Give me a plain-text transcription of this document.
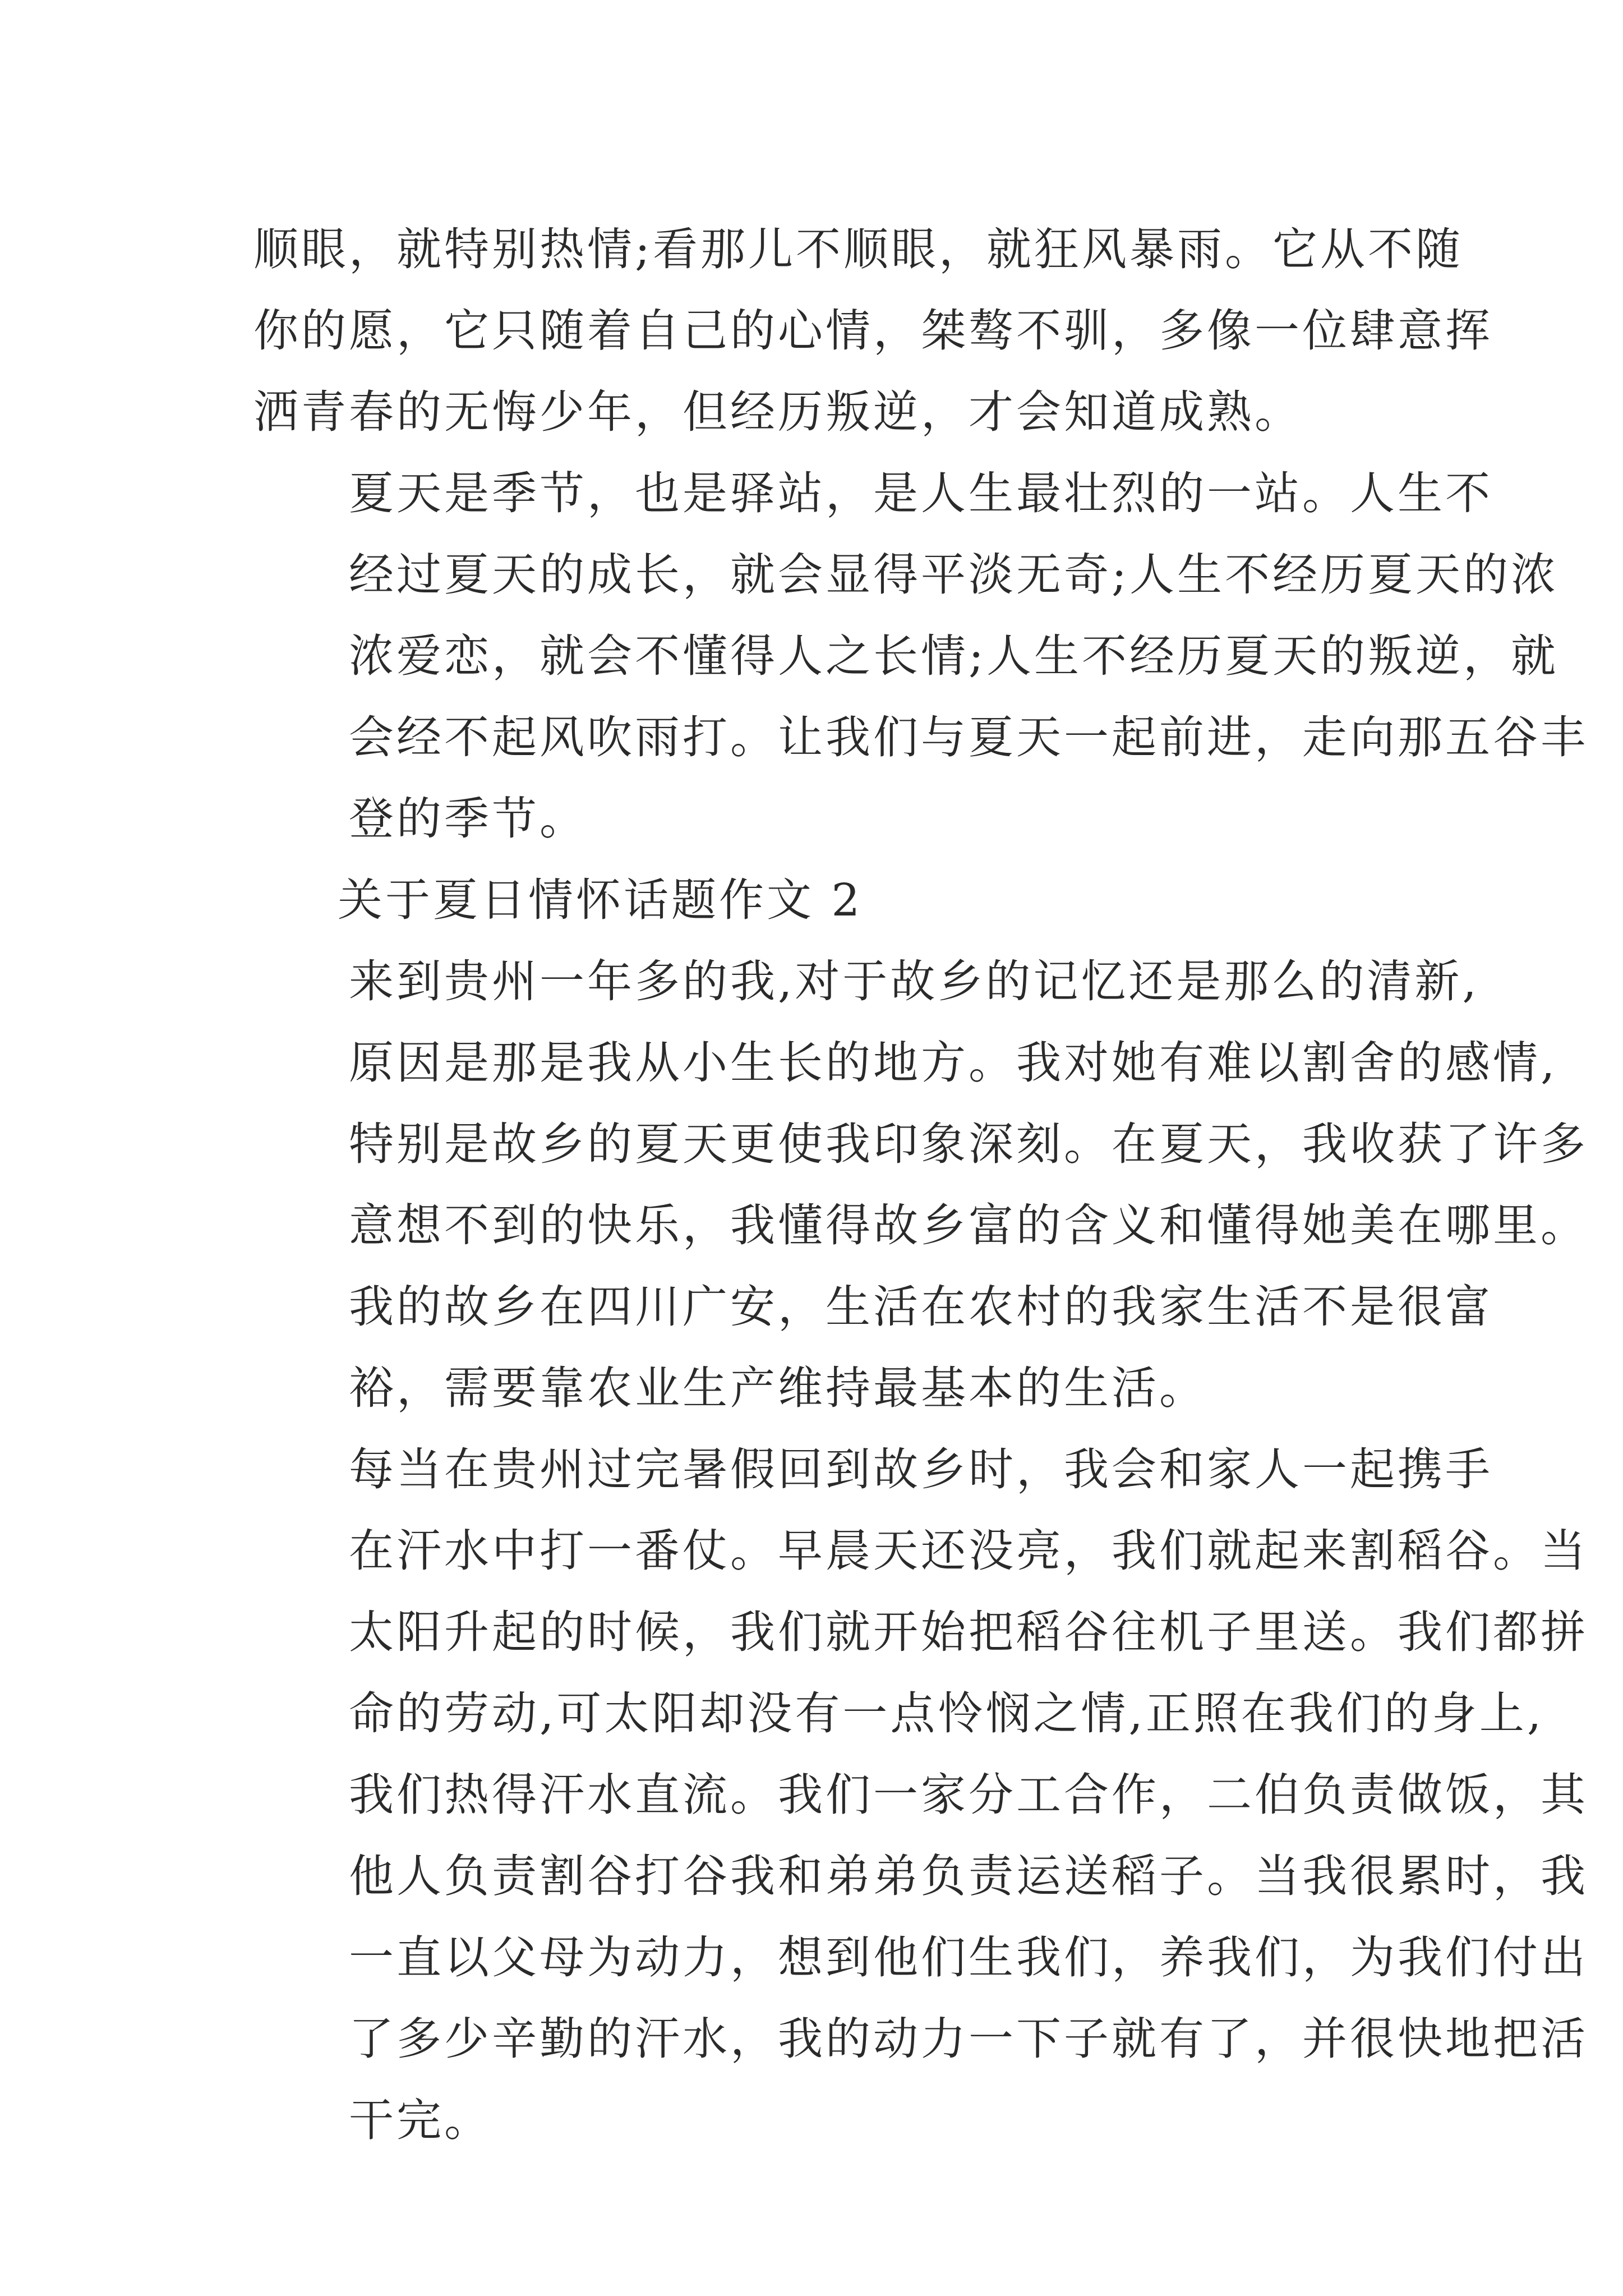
顺眼，就特别热情;看那儿不顺眼，就狂风暴雨。它从不随
你的愿，它只随着自己的心情，桀骜不驯，多像一位肆意挥
洒青春的无悔少年，但经历叛逆，才会知道成熟。

夏天是季节，也是驿站，是人生最壮烈的一站。人生不
经过夏天的成长，就会显得平淡无奇;人生不经历夏天的浓
浓爱恋，就会不懂得人之长情;人生不经历夏天的叛逆，就
会经不起风吹雨打。让我们与夏天一起前进，走向那五谷丰
登的季节。

关于夏日情怀话题作文 2

来到贵州一年多的我,对于故乡的记忆还是那么的清新,
原因是那是我从小生长的地方。我对她有难以割舍的感情,
特别是故乡的夏天更使我印象深刻。在夏天，我收获了许多
意想不到的快乐，我懂得故乡富的含义和懂得她美在哪里。

我的故乡在四川广安，生活在农村的我家生活不是很富
裕，需要靠农业生产维持最基本的生活。

每当在贵州过完暑假回到故乡时，我会和家人一起携手
在汗水中打一番仗。早晨天还没亮，我们就起来割稻谷。当
太阳升起的时候，我们就开始把稻谷往机子里送。我们都拼
命的劳动,可太阳却没有一点怜悯之情,正照在我们的身上,
我们热得汗水直流。我们一家分工合作，二伯负责做饭，其
他人负责割谷打谷我和弟弟负责运送稻子。当我很累时，我
一直以父母为动力，想到他们生我们，养我们，为我们付出
了多少辛勤的汗水，我的动力一下子就有了，并很快地把活
干完。
